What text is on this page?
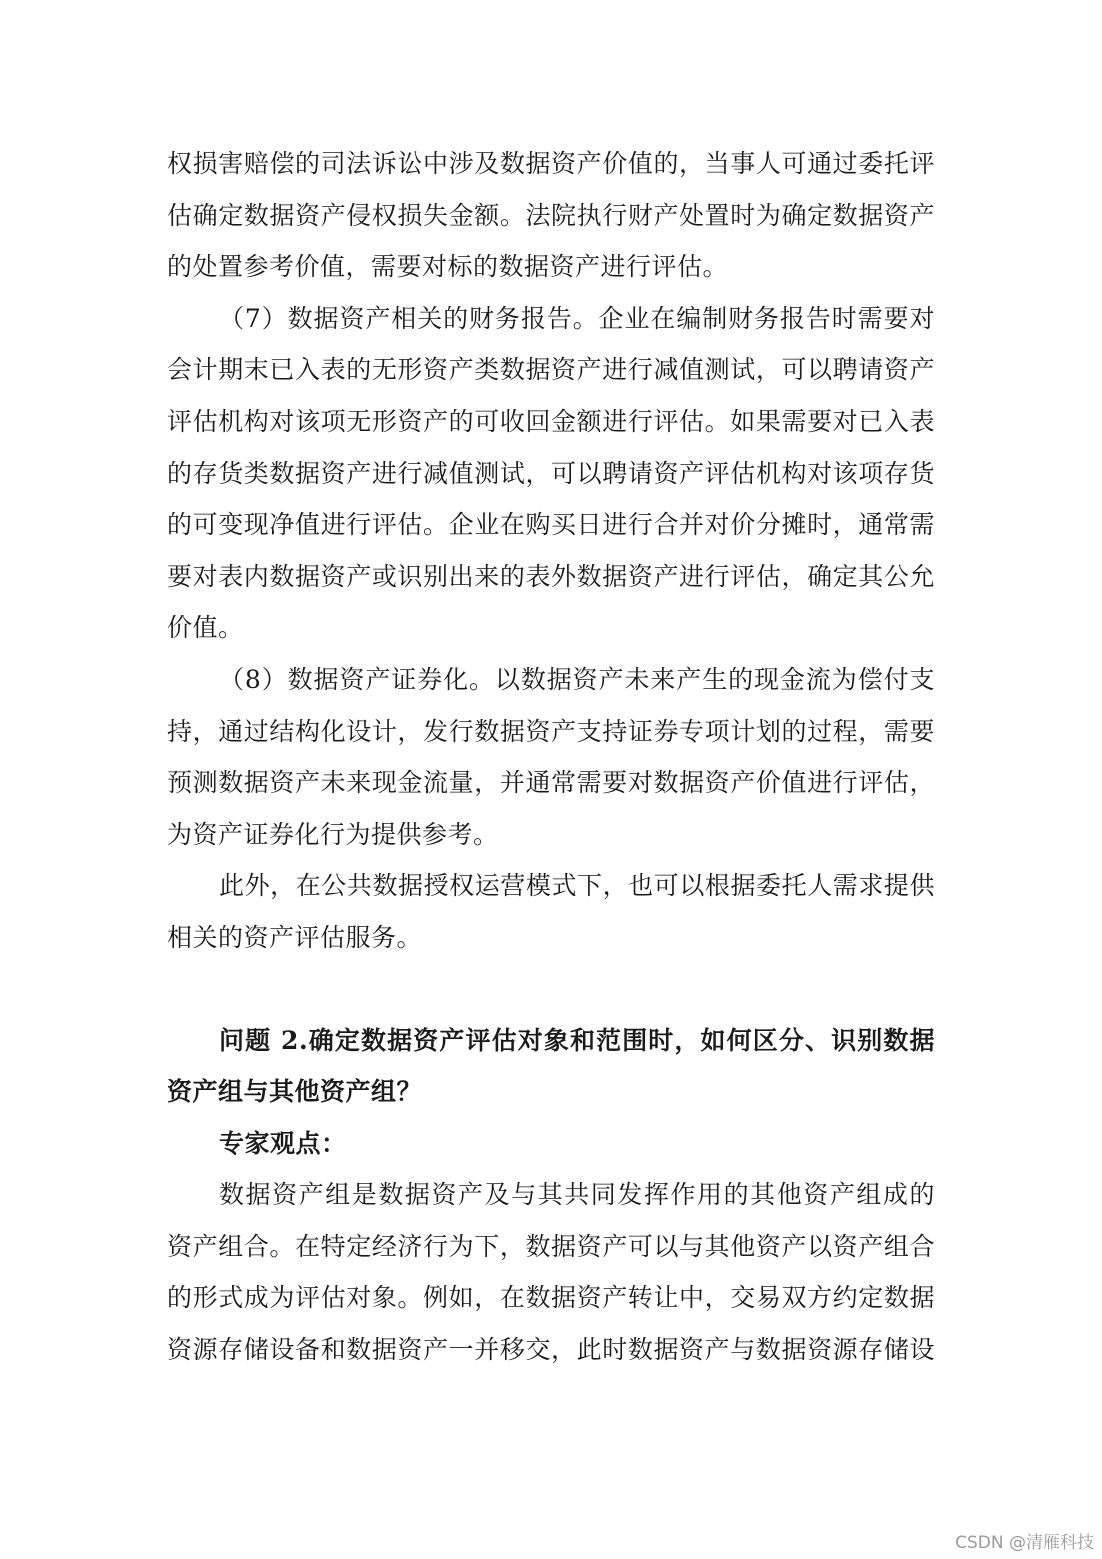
权损害赔偿的司法诉讼中涉及数据资产价值的，当事人可通过委托评
估确定数据资产侵权损失金额。法院执行财产处置时为确定数据资产
的处置参考价值，需要对标的数据资产进行评估。
（7）数据资产相关的财务报告。企业在编制财务报告时需要对
会计期末已入表的无形资产类数据资产进行减值测试，可以聘请资产
评估机构对该项无形资产的可收回金额进行评估。如果需要对已入表
的存货类数据资产进行减值测试，可以聘请资产评估机构对该项存货
的可变现净值进行评估。企业在购买日进行合并对价分摊时，通常需
要对表内数据资产或识别出来的表外数据资产进行评估，确定其公允
价值。
（8）数据资产证券化。以数据资产未来产生的现金流为偿付支
持，通过结构化设计，发行数据资产支持证券专项计划的过程，需要
预测数据资产未来现金流量，并通常需要对数据资产价值进行评估，
为资产证券化行为提供参考。
此外，在公共数据授权运营模式下，也可以根据委托人需求提供
相关的资产评估服务。
问题 2.确定数据资产评估对象和范围时，如何区分、识别数据
资产组与其他资产组？
专家观点：
数据资产组是数据资产及与其共同发挥作用的其他资产组成的
资产组合。在特定经济行为下，数据资产可以与其他资产以资产组合
的形式成为评估对象。例如，在数据资产转让中，交易双方约定数据
资源存储设备和数据资产一并移交，此时数据资产与数据资源存储设
CSDN @清雁科技
